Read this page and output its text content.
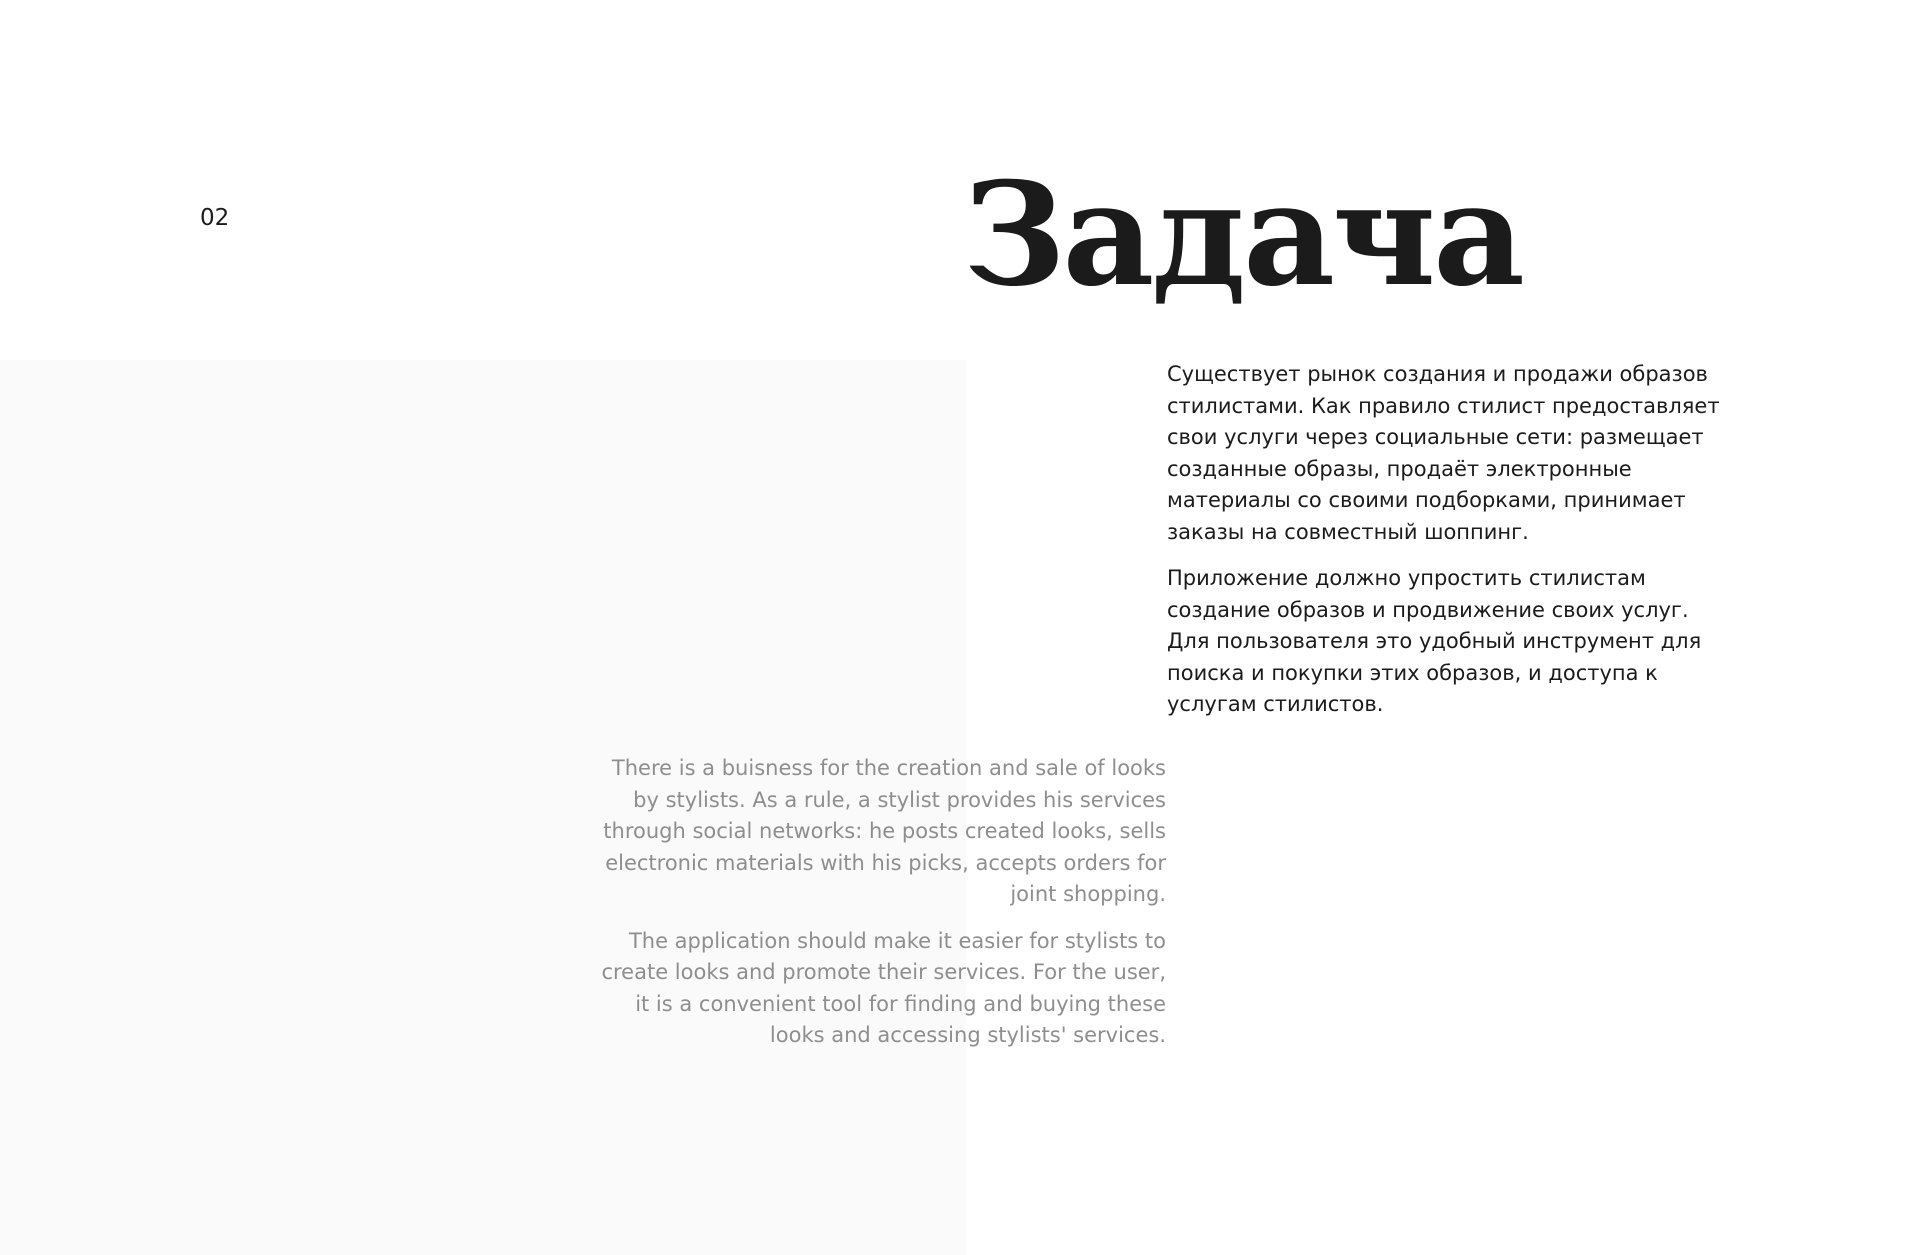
02	Задача

Существует рынок создания и продажи образов стилистами. Как правило стилист предоставляет свои услуги через социальные сети: размещает созданные образы, продаёт электронные материалы со своими подборками, принимает заказы на совместный шоппинг.

Приложение должно упростить стилистам создание образов и продвижение своих услуг. Для пользователя это удобный инструмент для поиска и покупки этих образов, и доступа к услугам стилистов.

There is a buisness for the creation and sale of looks by stylists. As a rule, a stylist provides his services through social networks: he posts created looks, sells electronic materials with his picks, accepts orders for joint shopping.

The application should make it easier for stylists to create looks and promote their services. For the user, it is a convenient tool for finding and buying these looks and accessing stylists' services.
